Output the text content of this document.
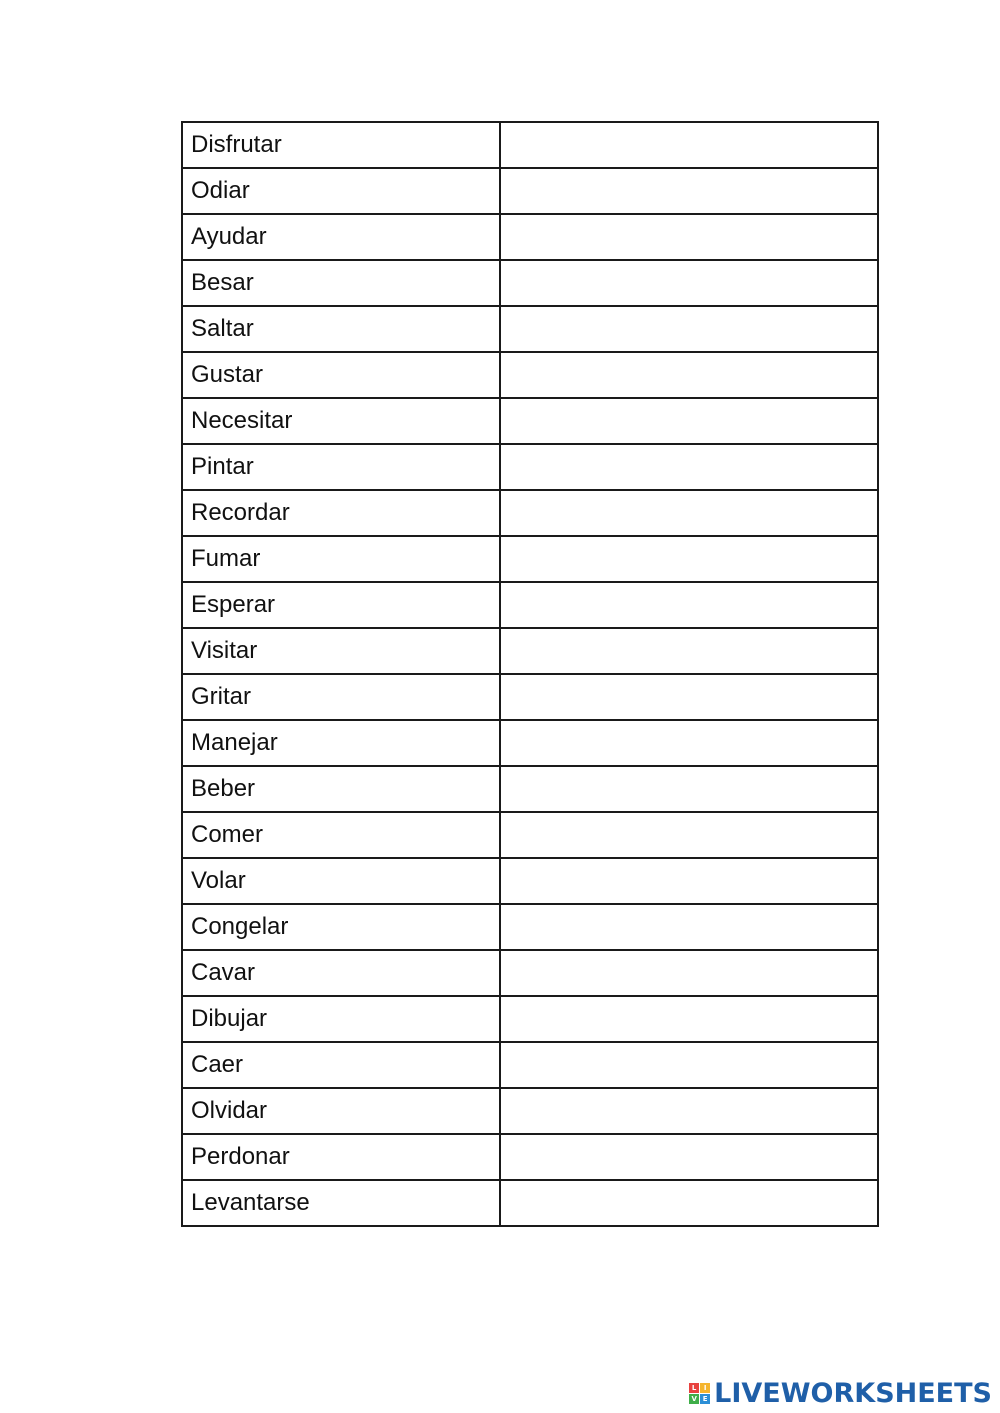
Disfrutar	

Odiar	

Ayudar	

Besar	

Saltar	

Gustar	

Necesitar	

Pintar	

Recordar	

Fumar	

Esperar	

Visitar	

Gritar	

Manejar	

Beber	

Comer	

Volar	

Congelar	

Cavar	

Dibujar	

Caer	

Olvidar	

Perdonar	

Levantarse	
L	I
V E LIVEWORKSHEETS
